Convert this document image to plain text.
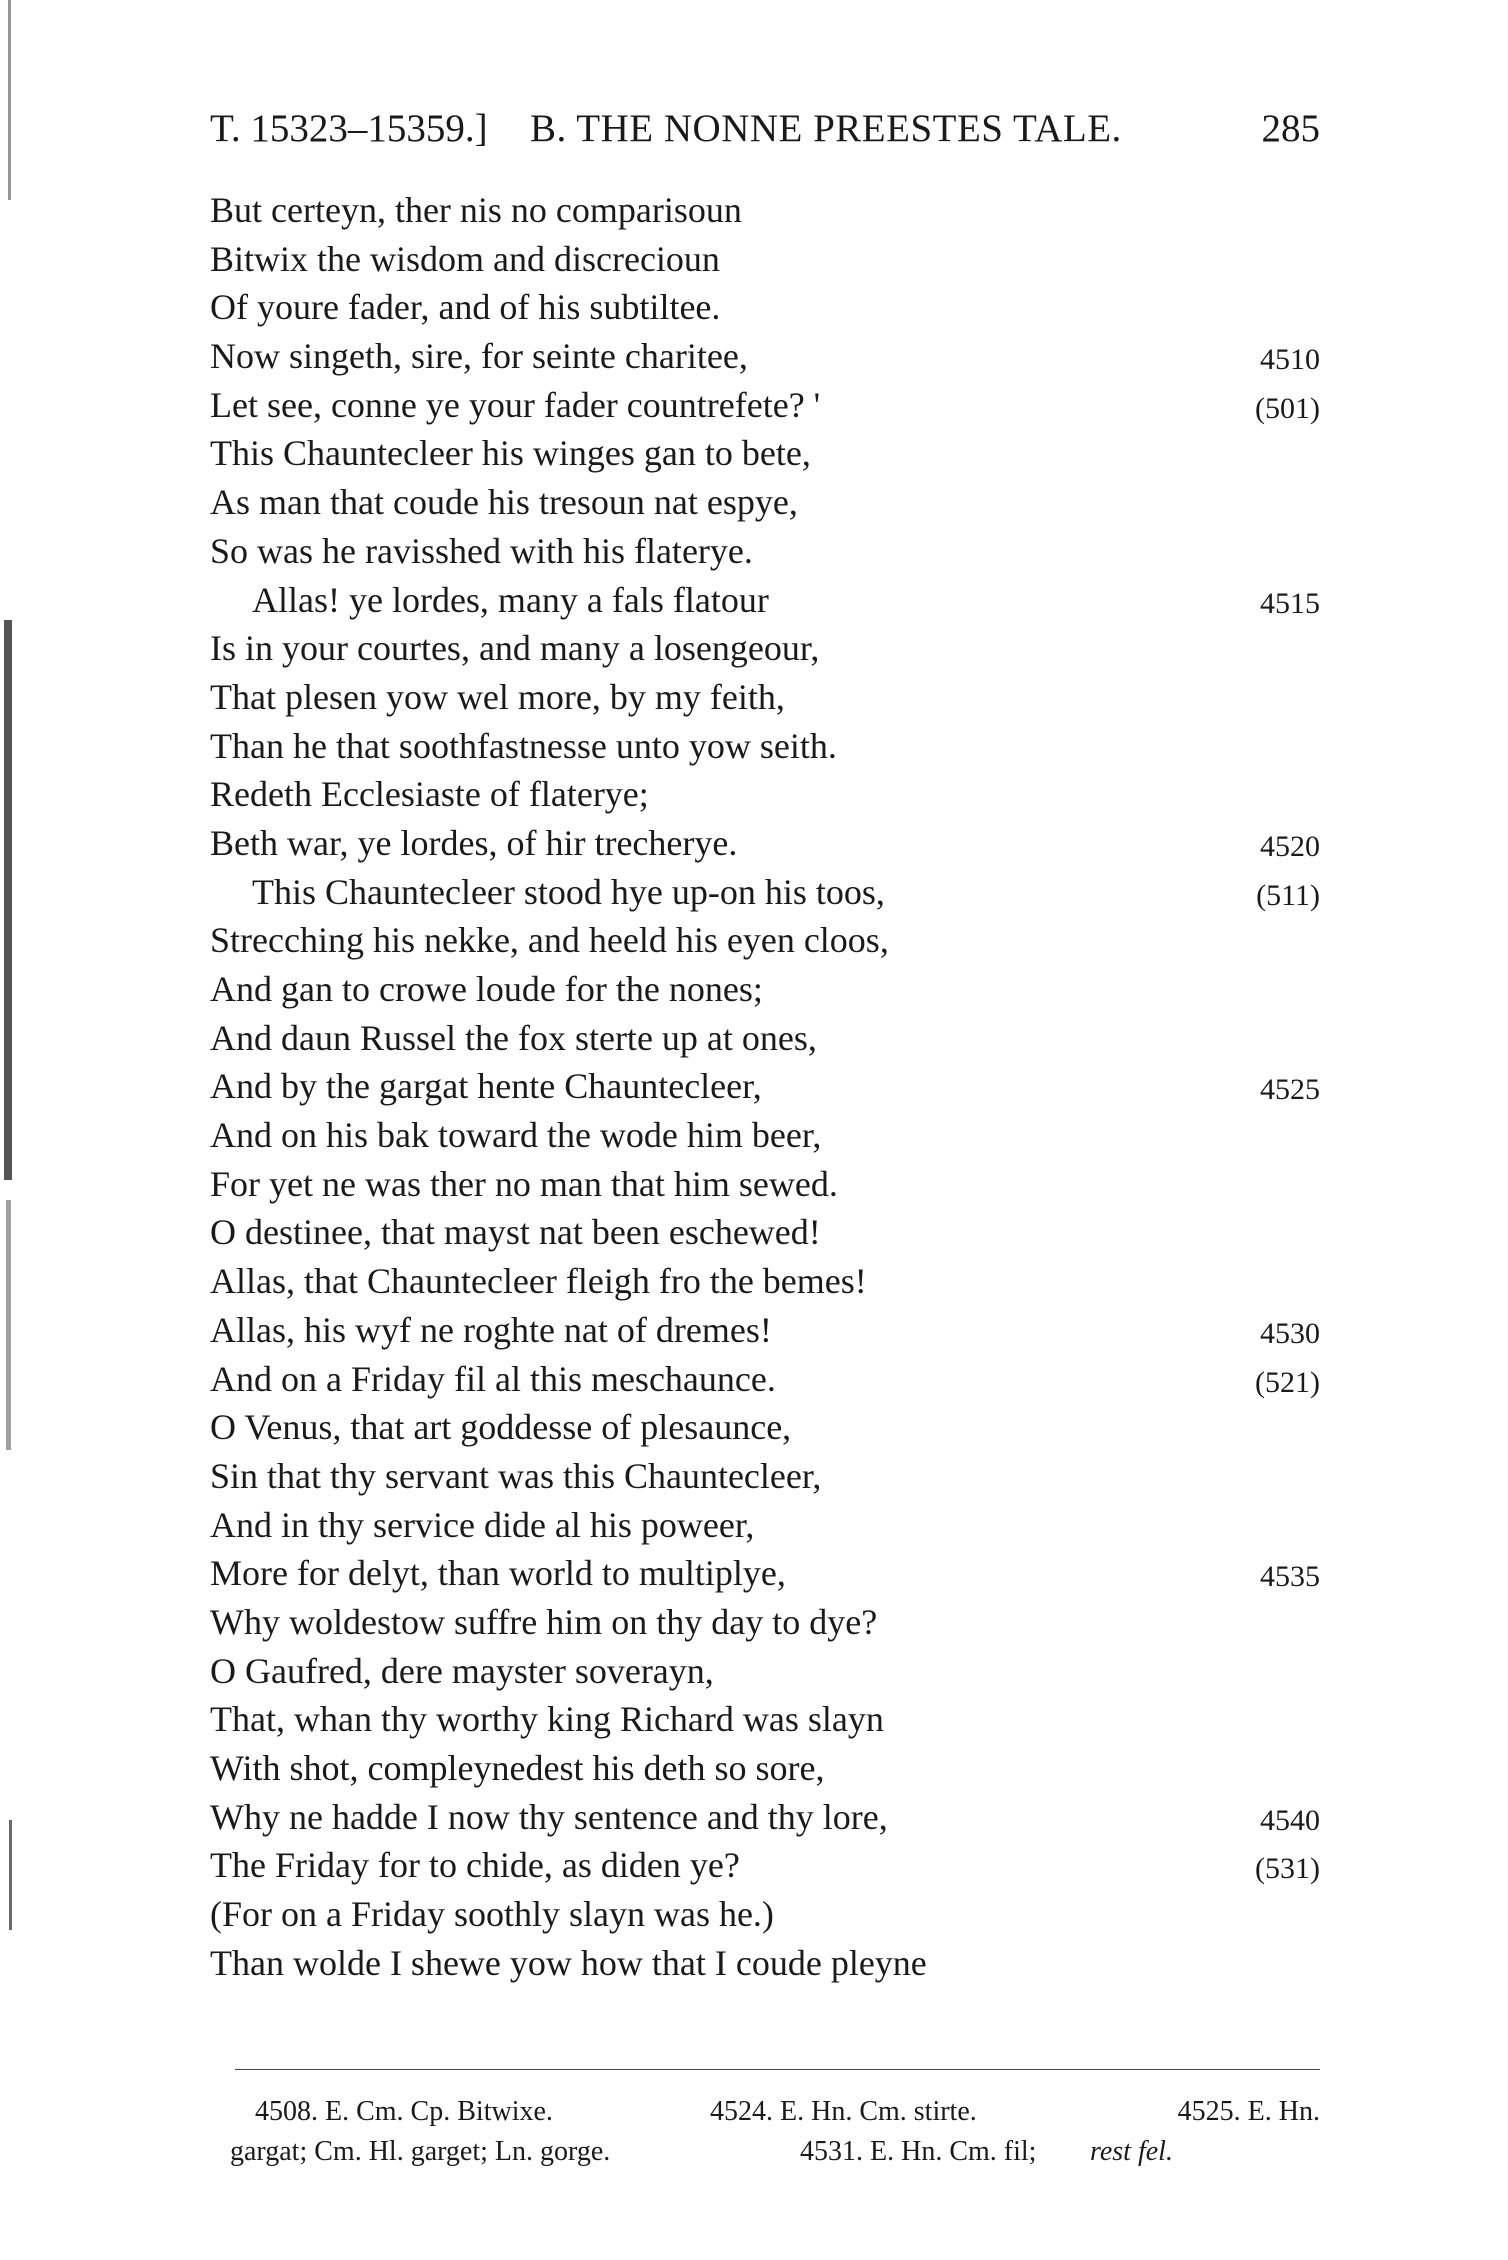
T. 15323–15359.] B. THE NONNE PREESTES TALE.	285
But certeyn, ther nis no comparisoun
Bitwix the wisdom and discrecioun
Of youre fader, and of his subtiltee.
Now singeth, sire, for seinte charitee,	4510
Let see, conne ye your fader countrefete? '	(501)
This Chauntecleer his winges gan to bete,
As man that coude his tresoun nat espye,
So was he ravisshed with his flaterye.
Allas! ye lordes, many a fals flatour	4515
Is in your courtes, and many a losengeour,
That plesen yow wel more, by my feith,
Than he that soothfastnesse unto yow seith.
Redeth Ecclesiaste of flaterye;
Beth war, ye lordes, of hir trecherye.	4520
This Chauntecleer stood hye up-on his toos,	(511)
Strecching his nekke, and heeld his eyen cloos,
And gan to crowe loude for the nones;
And daun Russel the fox sterte up at ones,
And by the gargat hente Chauntecleer,	4525
And on his bak toward the wode him beer,
For yet ne was ther no man that him sewed.
O destinee, that mayst nat been eschewed!
Allas, that Chauntecleer fleigh fro the bemes!
Allas, his wyf ne roghte nat of dremes!	4530
And on a Friday fil al this meschaunce.	(521)
O Venus, that art goddesse of plesaunce,
Sin that thy servant was this Chauntecleer,
And in thy service dide al his poweer,
More for delyt, than world to multiplye,	4535
Why woldestow suffre him on thy day to dye?
O Gaufred, dere mayster soverayn,
That, whan thy worthy king Richard was slayn
With shot, compleynedest his deth so sore,
Why ne hadde I now thy sentence and thy lore,	4540
The Friday for to chide, as diden ye?	(531)
(For on a Friday soothly slayn was he.)
Than wolde I shewe yow how that I coude pleyne
4508. E. Cm. Cp. Bitwixe.	4524. E. Hn. Cm. stirte.	4525. E. Hn.
gargat; Cm. Hl. garget; Ln. gorge.	4531. E. Hn. Cm. fil; rest fel.
